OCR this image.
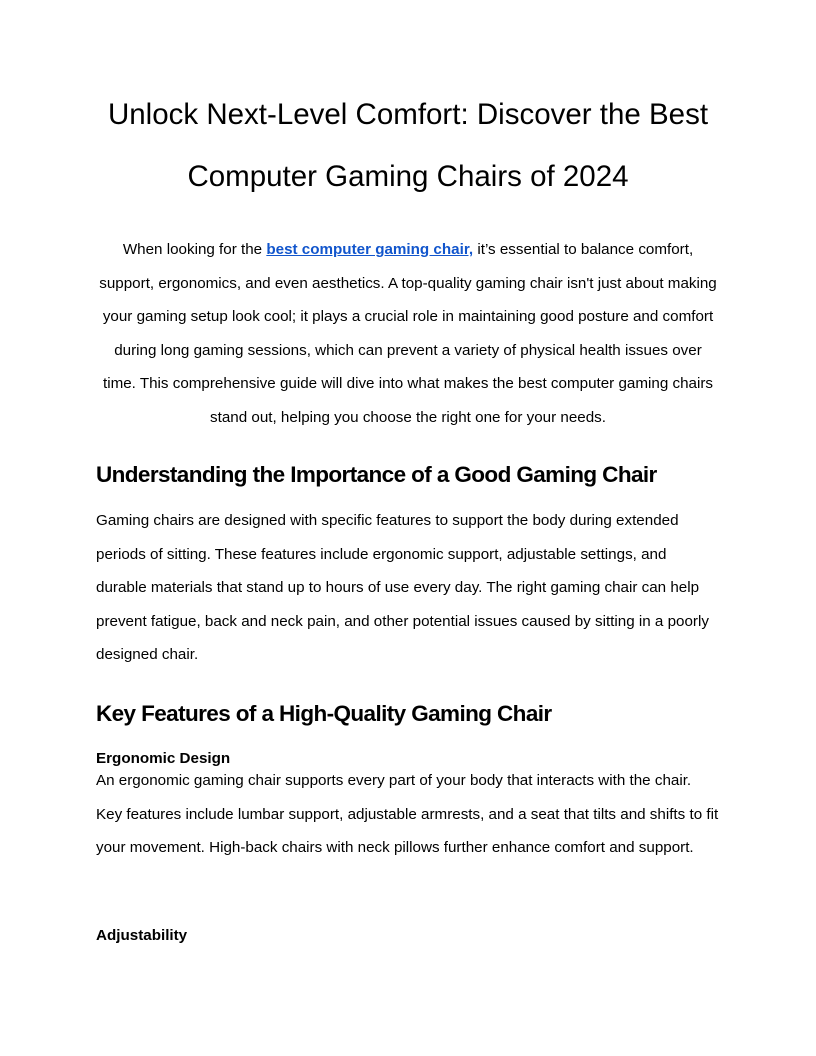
Unlock Next-Level Comfort: Discover the Best Computer Gaming Chairs of 2024

When looking for the best computer gaming chair, it’s essential to balance comfort, support, ergonomics, and even aesthetics. A top-quality gaming chair isn't just about making your gaming setup look cool; it plays a crucial role in maintaining good posture and comfort during long gaming sessions, which can prevent a variety of physical health issues over time. This comprehensive guide will dive into what makes the best computer gaming chairs stand out, helping you choose the right one for your needs.

Understanding the Importance of a Good Gaming Chair

Gaming chairs are designed with specific features to support the body during extended periods of sitting. These features include ergonomic support, adjustable settings, and durable materials that stand up to hours of use every day. The right gaming chair can help prevent fatigue, back and neck pain, and other potential issues caused by sitting in a poorly designed chair.

Key Features of a High-Quality Gaming Chair

Ergonomic Design

An ergonomic gaming chair supports every part of your body that interacts with the chair. Key features include lumbar support, adjustable armrests, and a seat that tilts and shifts to fit your movement. High-back chairs with neck pillows further enhance comfort and support.

Adjustability
